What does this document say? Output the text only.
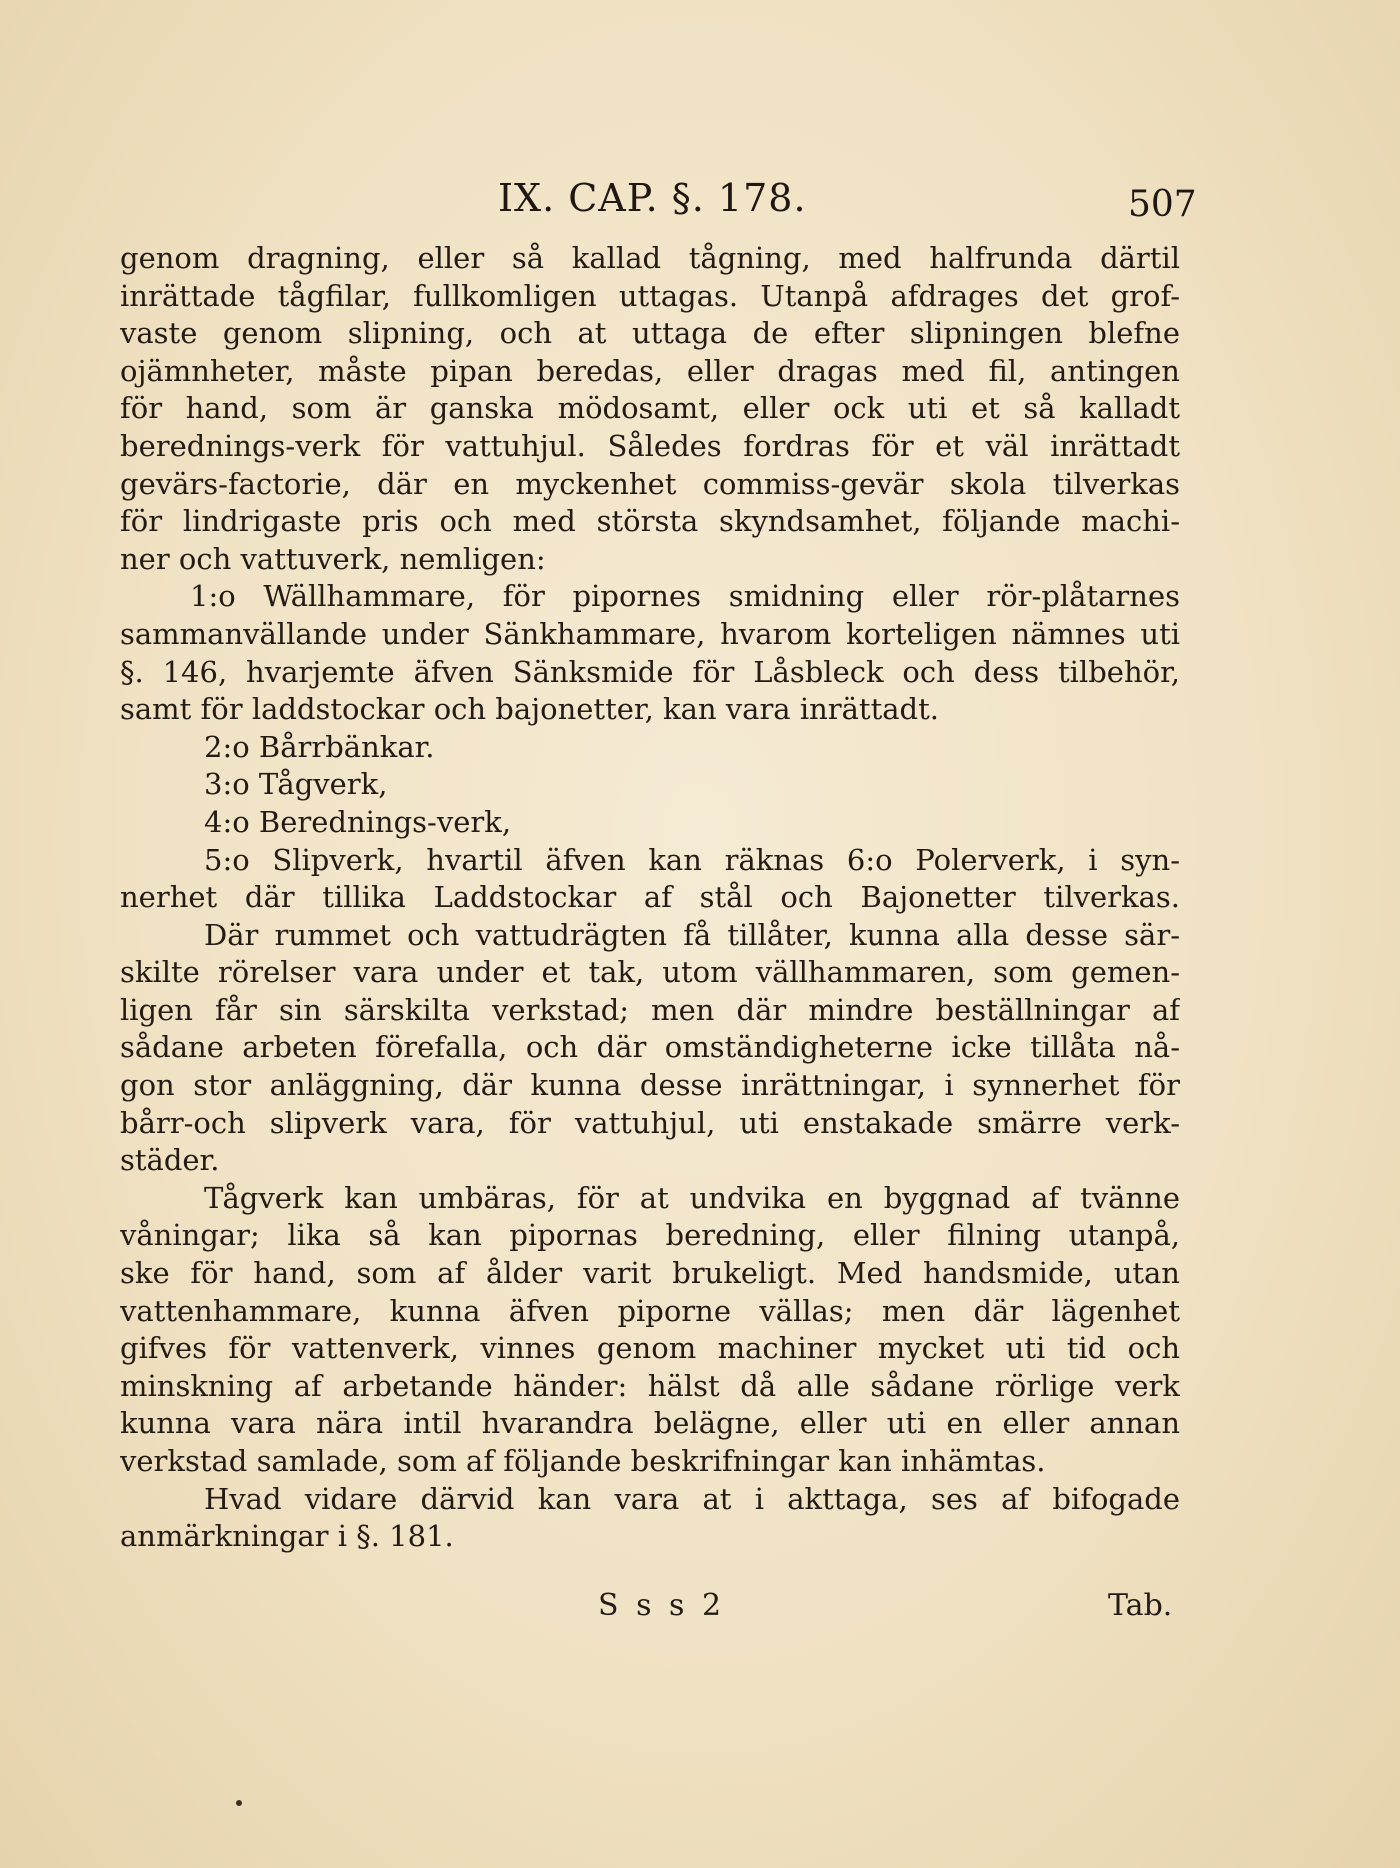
IX. CAP. §. 178.	507
genom dragning, eller så kallad tågning, med halfrunda därtil
inrättade tågfilar, fullkomligen uttagas. Utanpå afdrages det grof-
vaste genom slipning, och at uttaga de efter slipningen blefne
ojämnheter, måste pipan beredas, eller dragas med fil, antingen
för hand, som är ganska mödosamt, eller ock uti et så kalladt
berednings-verk för vattuhjul. Således fordras för et väl inrättadt
gevärs-factorie, där en myckenhet commiss-gevär skola tilverkas
för lindrigaste pris och med största skyndsamhet, följande machi-
ner och vattuverk, nemligen:
1:o Wällhammare, för pipornes smidning eller rör-plåtarnes
sammanvällande under Sänkhammare, hvarom korteligen nämnes uti
§. 146, hvarjemte äfven Sänksmide för Låsbleck och dess tilbehör,
samt för laddstockar och bajonetter, kan vara inrättadt.
2:o Bårrbänkar.
3:o Tågverk,
4:o Berednings-verk,
5:o Slipverk, hvartil äfven kan räknas 6:o Polerverk, i syn-
nerhet där tillika Laddstockar af stål och Bajonetter tilverkas.
Där rummet och vattudrägten få tillåter, kunna alla desse sär-
skilte rörelser vara under et tak, utom vällhammaren, som gemen-
ligen får sin särskilta verkstad; men där mindre beställningar af
sådane arbeten förefalla, och där omständigheterne icke tillåta nå-
gon stor anläggning, där kunna desse inrättningar, i synnerhet för
bårr-och slipverk vara, för vattuhjul, uti enstakade smärre verk-
städer.
Tågverk kan umbäras, för at undvika en byggnad af tvänne
våningar; lika så kan pipornas beredning, eller filning utanpå,
ske för hand, som af ålder varit brukeligt. Med handsmide, utan
vattenhammare, kunna äfven piporne vällas; men där lägenhet
gifves för vattenverk, vinnes genom machiner mycket uti tid och
minskning af arbetande händer: hälst då alle sådane rörlige verk
kunna vara nära intil hvarandra belägne, eller uti en eller annan
verkstad samlade, som af följande beskrifningar kan inhämtas.
Hvad vidare därvid kan vara at i akttaga, ses af bifogade
anmärkningar i §. 181.
S s s 2	Tab.
